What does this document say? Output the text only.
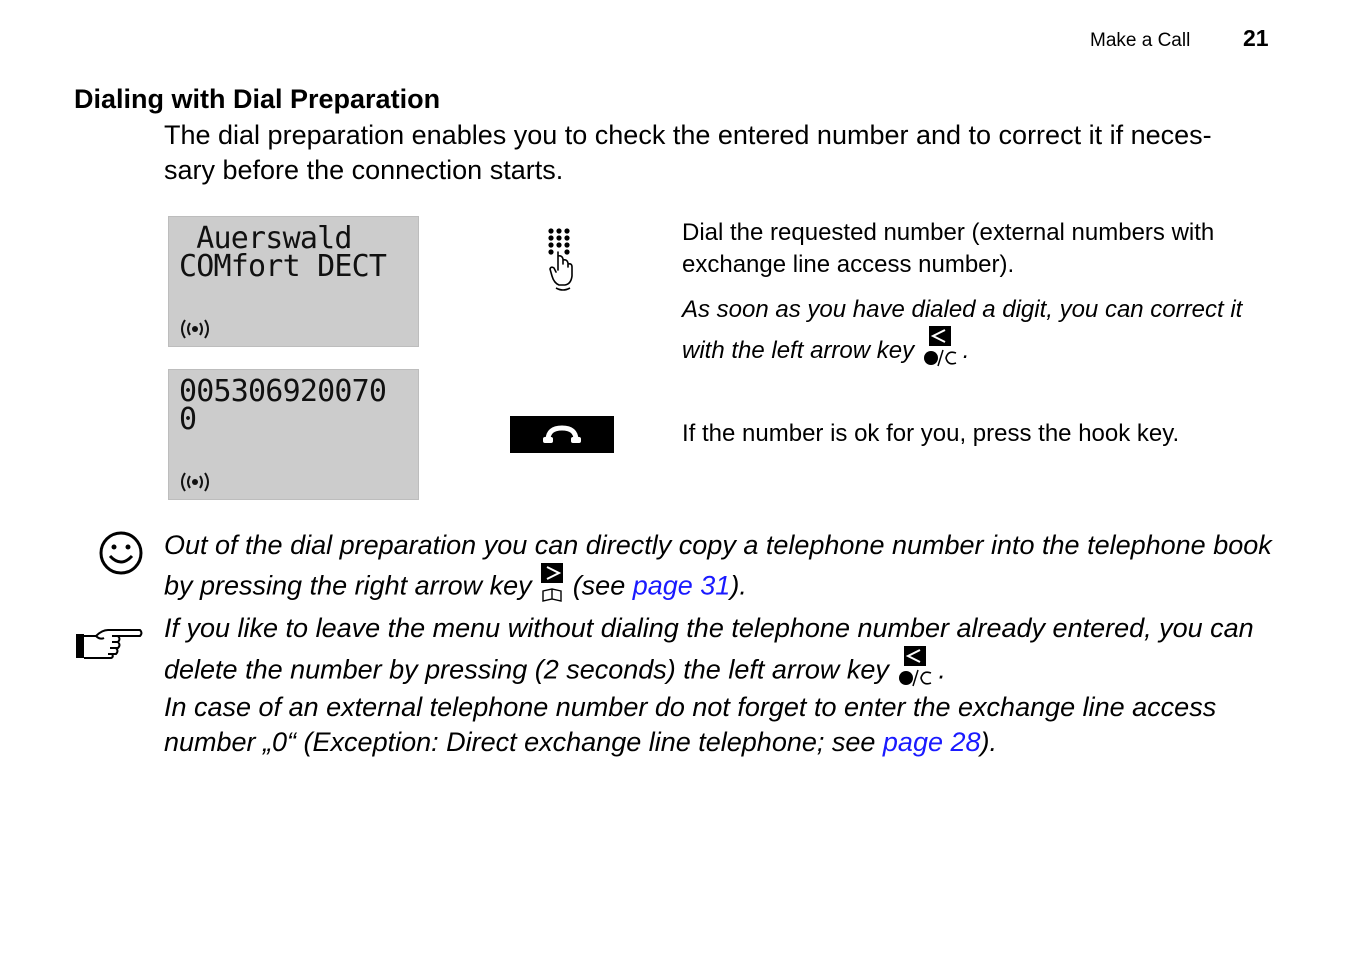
Make a Call 21
Dialing with Dial Preparation
The dial preparation enables you to check the entered number and to correct it if neces-
sary before the connection starts.
Auerswald
COMfort DECT

005306920070
0

Dial the requested number (external numbers with exchange line access number).
As soon as you have dialed a digit, you can correct it with the left arrow key .
If the number is ok for you, press the hook key.
Out of the dial preparation you can directly copy a telephone number into the telephone book by pressing the right arrow key  (see page 31).
If you like to leave the menu without dialing the telephone number already entered, you can delete the number by pressing (2 seconds) the left arrow key .
In case of an external telephone number do not forget to enter the exchange line access number „0“ (Exception: Direct exchange line telephone; see page 28).
